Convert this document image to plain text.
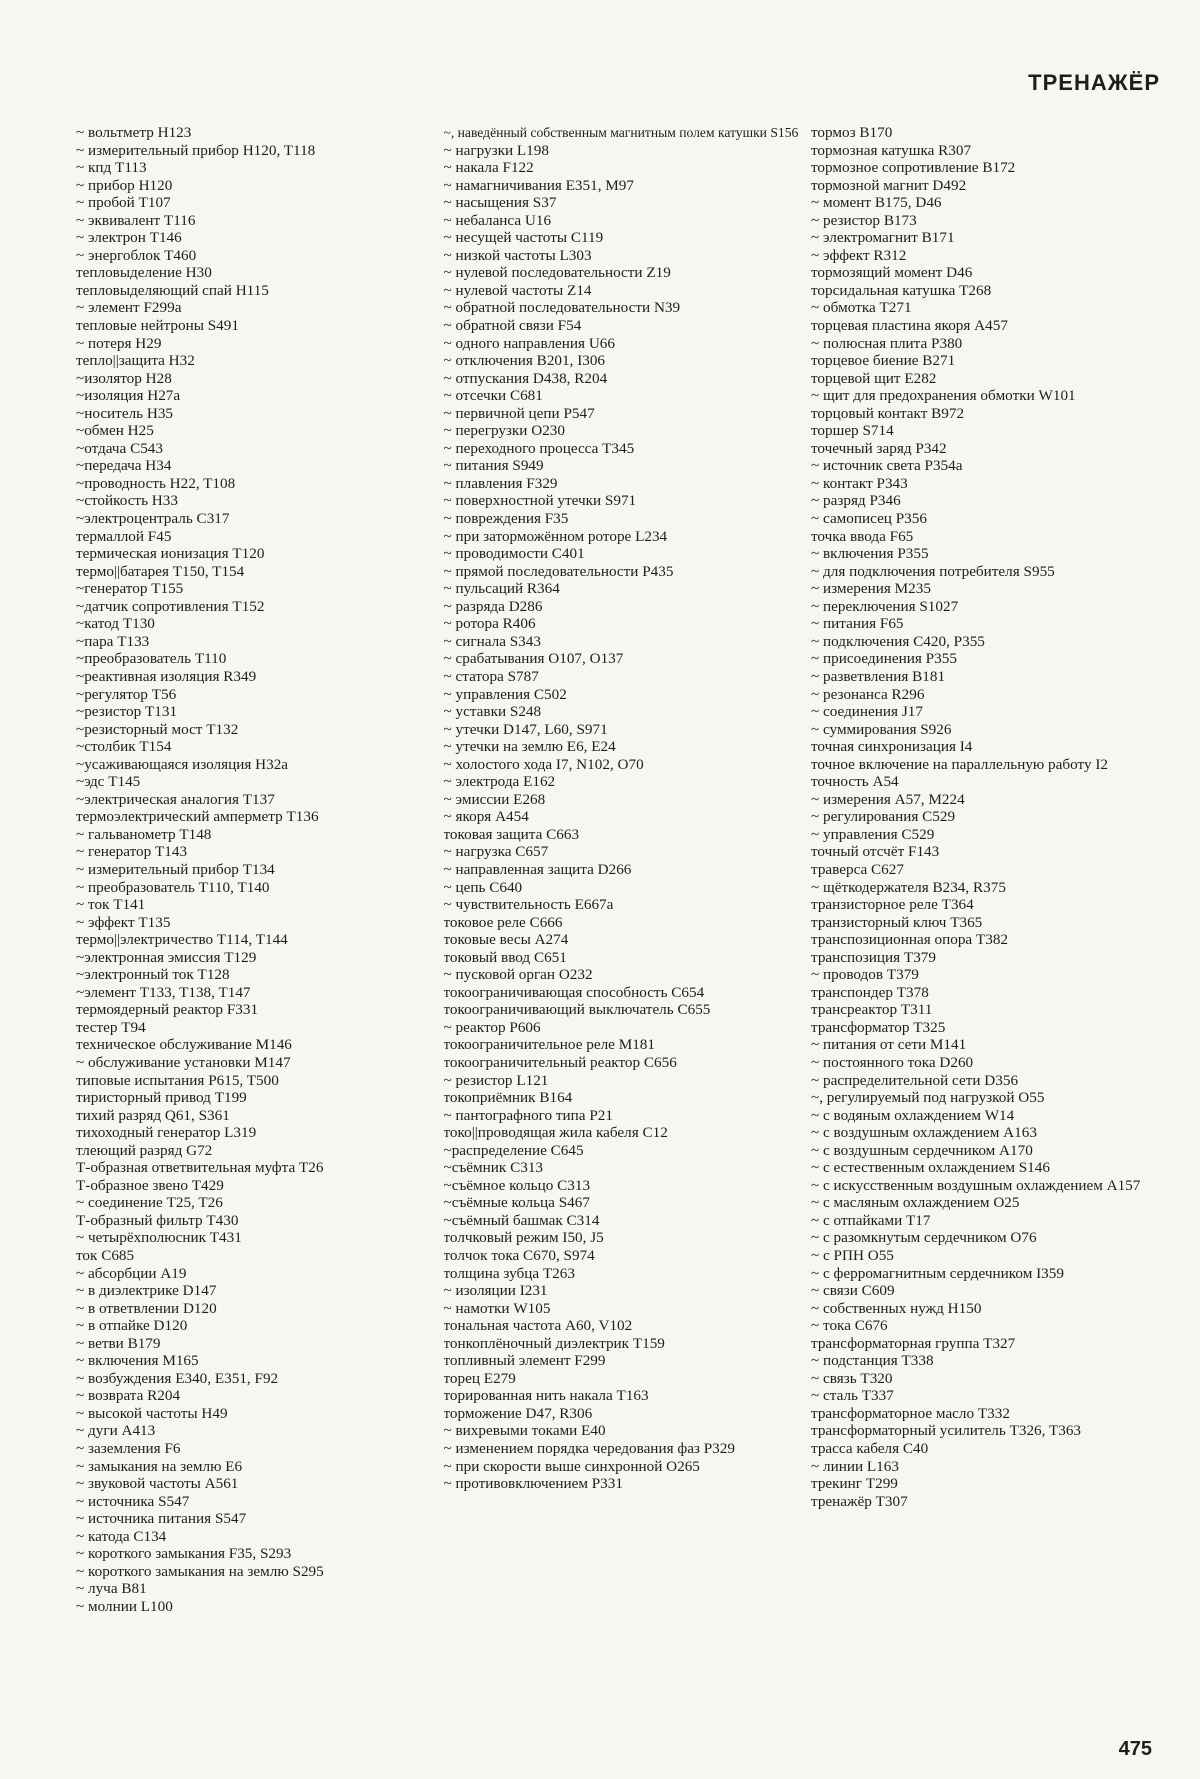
ТРЕНАЖЁР
~ вольтметр H123
~ измерительный прибор H120, T118
~ кпд T113
~ прибор H120
~ пробой T107
~ эквивалент T116
~ электрон T146
~ энергоблок T460
тепловыделение H30
тепловыделяющий спай H115
~ элемент F299a
тепловые нейтроны S491
~ потеря H29
тепло||защита H32
~изолятор H28
~изоляция H27a
~носитель H35
~обмен H25
~отдача C543
~передача H34
~проводность H22, T108
~стойкость H33
~электроцентраль C317
термаллой F45
термическая ионизация T120
термо||батарея T150, T154
~генератор T155
~датчик сопротивления T152
~катод T130
~пара T133
~преобразователь T110
~реактивная изоляция R349
~регулятор T56
~резистор T131
~резисторный мост T132
~столбик T154
~усаживающаяся изоляция H32a
~эдс T145
~электрическая аналогия T137
термоэлектрический амперметр T136
~ гальванометр T148
~ генератор T143
~ измерительный прибор T134
~ преобразователь T110, T140
~ ток T141
~ эффект T135
термо||электричество T114, T144
~электронная эмиссия T129
~электронный ток T128
~элемент T133, T138, T147
термоядерный реактор F331
тестер T94
техническое обслуживание M146
~ обслуживание установки M147
типовые испытания P615, T500
тиристорный привод T199
тихий разряд Q61, S361
тихоходный генератор L319
тлеющий разряд G72
Т-образная ответвительная муфта T26
Т-образное звено T429
~ соединение T25, T26
Т-образный фильтр T430
~ четырёхполюсник T431
ток C685
~ абсорбции A19
~ в диэлектрике D147
~ в ответвлении D120
~ в отпайке D120
~ ветви B179
~ включения M165
~ возбуждения E340, E351, F92
~ возврата R204
~ высокой частоты H49
~ дуги A413
~ заземления F6
~ замыкания на землю E6
~ звуковой частоты A561
~ источника S547
~ источника питания S547
~ катода C134
~ короткого замыкания F35, S293
~ короткого замыкания на землю S295
~ луча B81
~ молнии L100
~, наведённый собственным магнитным полем катушки S156
~ нагрузки L198
~ накала F122
~ намагничивания E351, M97
~ насыщения S37
~ небаланса U16
~ несущей частоты C119
~ низкой частоты L303
~ нулевой последовательности Z19
~ нулевой частоты Z14
~ обратной последовательности N39
~ обратной связи F54
~ одного направления U66
~ отключения B201, I306
~ отпускания D438, R204
~ отсечки C681
~ первичной цепи P547
~ перегрузки O230
~ переходного процесса T345
~ питания S949
~ плавления F329
~ поверхностной утечки S971
~ повреждения F35
~ при заторможённом роторе L234
~ проводимости C401
~ прямой последовательности P435
~ пульсаций R364
~ разряда D286
~ ротора R406
~ сигнала S343
~ срабатывания O107, O137
~ статора S787
~ управления C502
~ уставки S248
~ утечки D147, L60, S971
~ утечки на землю E6, E24
~ холостого хода I7, N102, O70
~ электрода E162
~ эмиссии E268
~ якоря A454
токовая защита C663
~ нагрузка C657
~ направленная защита D266
~ цепь C640
~ чувствительность E667a
токовое реле C666
токовые весы A274
токовый ввод C651
~ пусковой орган O232
токоограничивающая способность C654
токоограничивающий выключатель C655
~ реактор P606
токоограничительное реле M181
токоограничительный реактор C656
~ резистор L121
токоприёмник B164
~ пантографного типа P21
токо||проводящая жила кабеля C12
~распределение C645
~съёмник C313
~съёмное кольцо C313
~съёмные кольца S467
~съёмный башмак C314
толчковый режим I50, J5
толчок тока C670, S974
толщина зубца T263
~ изоляции I231
~ намотки W105
тональная частота A60, V102
тонкоплёночный диэлектрик T159
топливный элемент F299
торец E279
торированная нить накала T163
торможение D47, R306
~ вихревыми токами E40
~ изменением порядка чередования фаз P329
~ при скорости выше синхронной O265
~ противовключением P331
тормоз B170
тормозная катушка R307
тормозное сопротивление B172
тормозной магнит D492
~ момент B175, D46
~ резистор B173
~ электромагнит B171
~ эффект R312
тормозящий момент D46
торсидальная катушка T268
~ обмотка T271
торцевая пластина якоря A457
~ полюсная плита P380
торцевое биение B271
торцевой щит E282
~ щит для предохранения обмотки W101
торцовый контакт B972
торшер S714
точечный заряд P342
~ источник света P354a
~ контакт P343
~ разряд P346
~ самописец P356
точка ввода F65
~ включения P355
~ для подключения потребителя S955
~ измерения M235
~ переключения S1027
~ питания F65
~ подключения C420, P355
~ присоединения P355
~ разветвления B181
~ резонанса R296
~ соединения J17
~ суммирования S926
точная синхронизация I4
точное включение на параллельную работу I2
точность A54
~ измерения A57, M224
~ регулирования C529
~ управления C529
точный отсчёт F143
траверса C627
~ щёткодержателя B234, R375
транзисторное реле T364
транзисторный ключ T365
транспозиционная опора T382
транспозиция T379
~ проводов T379
транспондер T378
трансреактор T311
трансформатор T325
~ питания от сети M141
~ постоянного тока D260
~ распределительной сети D356
~, регулируемый под нагрузкой O55
~ с водяным охлаждением W14
~ с воздушным охлаждением A163
~ с воздушным сердечником A170
~ с естественным охлаждением S146
~ с искусственным воздушным охлаждением A157
~ с масляным охлаждением O25
~ с отпайками T17
~ с разомкнутым сердечником O76
~ с РПН O55
~ с ферромагнитным сердечником I359
~ связи C609
~ собственных нужд H150
~ тока C676
трансформаторная группа T327
~ подстанция T338
~ связь T320
~ сталь T337
трансформаторное масло T332
трансформаторный усилитель T326, T363
трасса кабеля C40
~ линии L163
трекинг T299
тренажёр T307
475
